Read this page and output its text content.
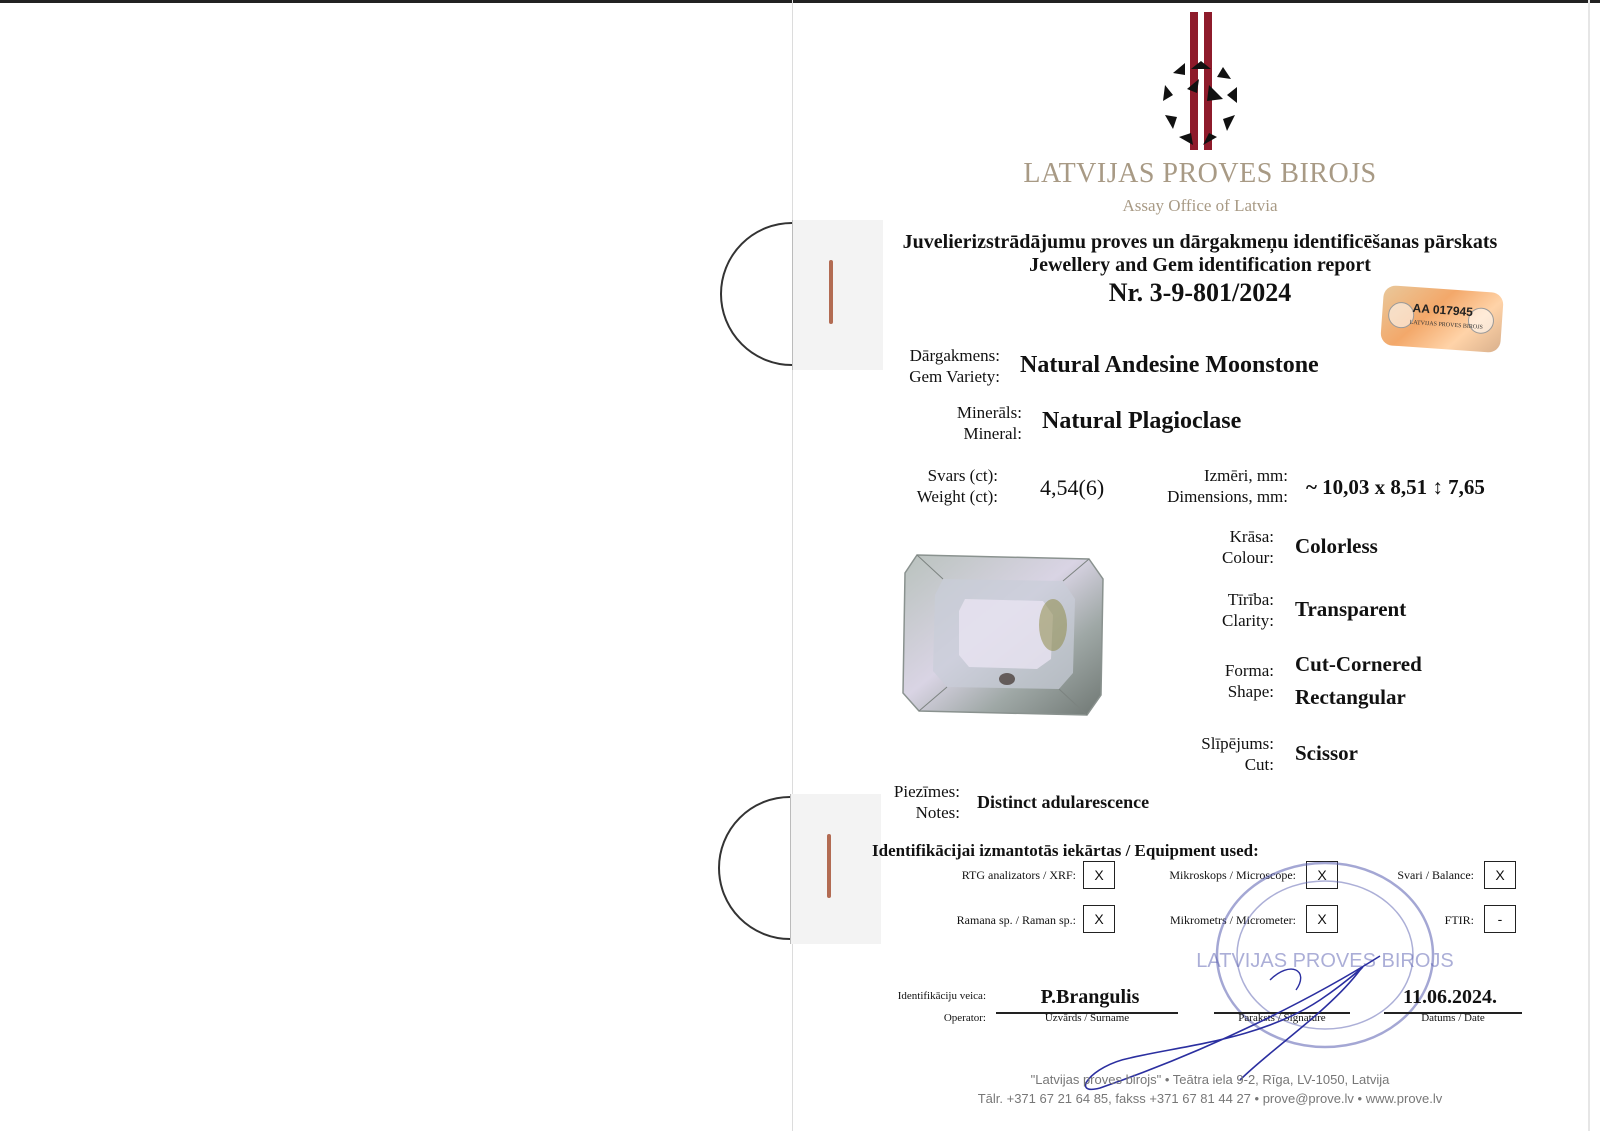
LATVIJAS PROVES BIROJS
Assay Office of Latvia
Juvelierizstrādājumu proves un dārgakmeņu identificēšanas pārskats
Jewellery and Gem identification report
Nr. 3-9-801/2024
AA 017945
LATVIJAS PROVES BIROJS
Dārgakmens:
Gem Variety: Natural Andesine Moonstone
Minerāls:
Mineral: Natural Plagioclase
Svars (ct):
Weight (ct): 4,54(6)	Izmēri, mm:
Dimensions, mm: ~ 10,03 x 8,51 ↕ 7,65
Krāsa:
Colour: Colorless
Tīrība:
Clarity: Transparent
Forma:
Shape:
Cut-Cornered
Rectangular
Slīpējums:
Cut: Scissor
Piezīmes:
Notes:
Distinct adularescence
Identifikācijai izmantotās iekārtas / Equipment used:
RTG analizators / XRF:	X	Mikroskops / Microscope:	X	Svari / Balance:	X
Ramana sp. / Raman sp.:	X	Mikrometrs / Micrometer:	X	FTIR:	-
LATVIJAS PROVES BIROJS
Identifikāciju veica:
Operator:
P.Brangulis
Uzvārds / Surname	Paraksts / Signature
11.06.2024.
Datums / Date
"Latvijas proves birojs" • Teātra iela 9-2, Rīga, LV-1050, Latvija
Tālr. +371 67 21 64 85, fakss +371 67 81 44 27 • prove@prove.lv • www.prove.lv
